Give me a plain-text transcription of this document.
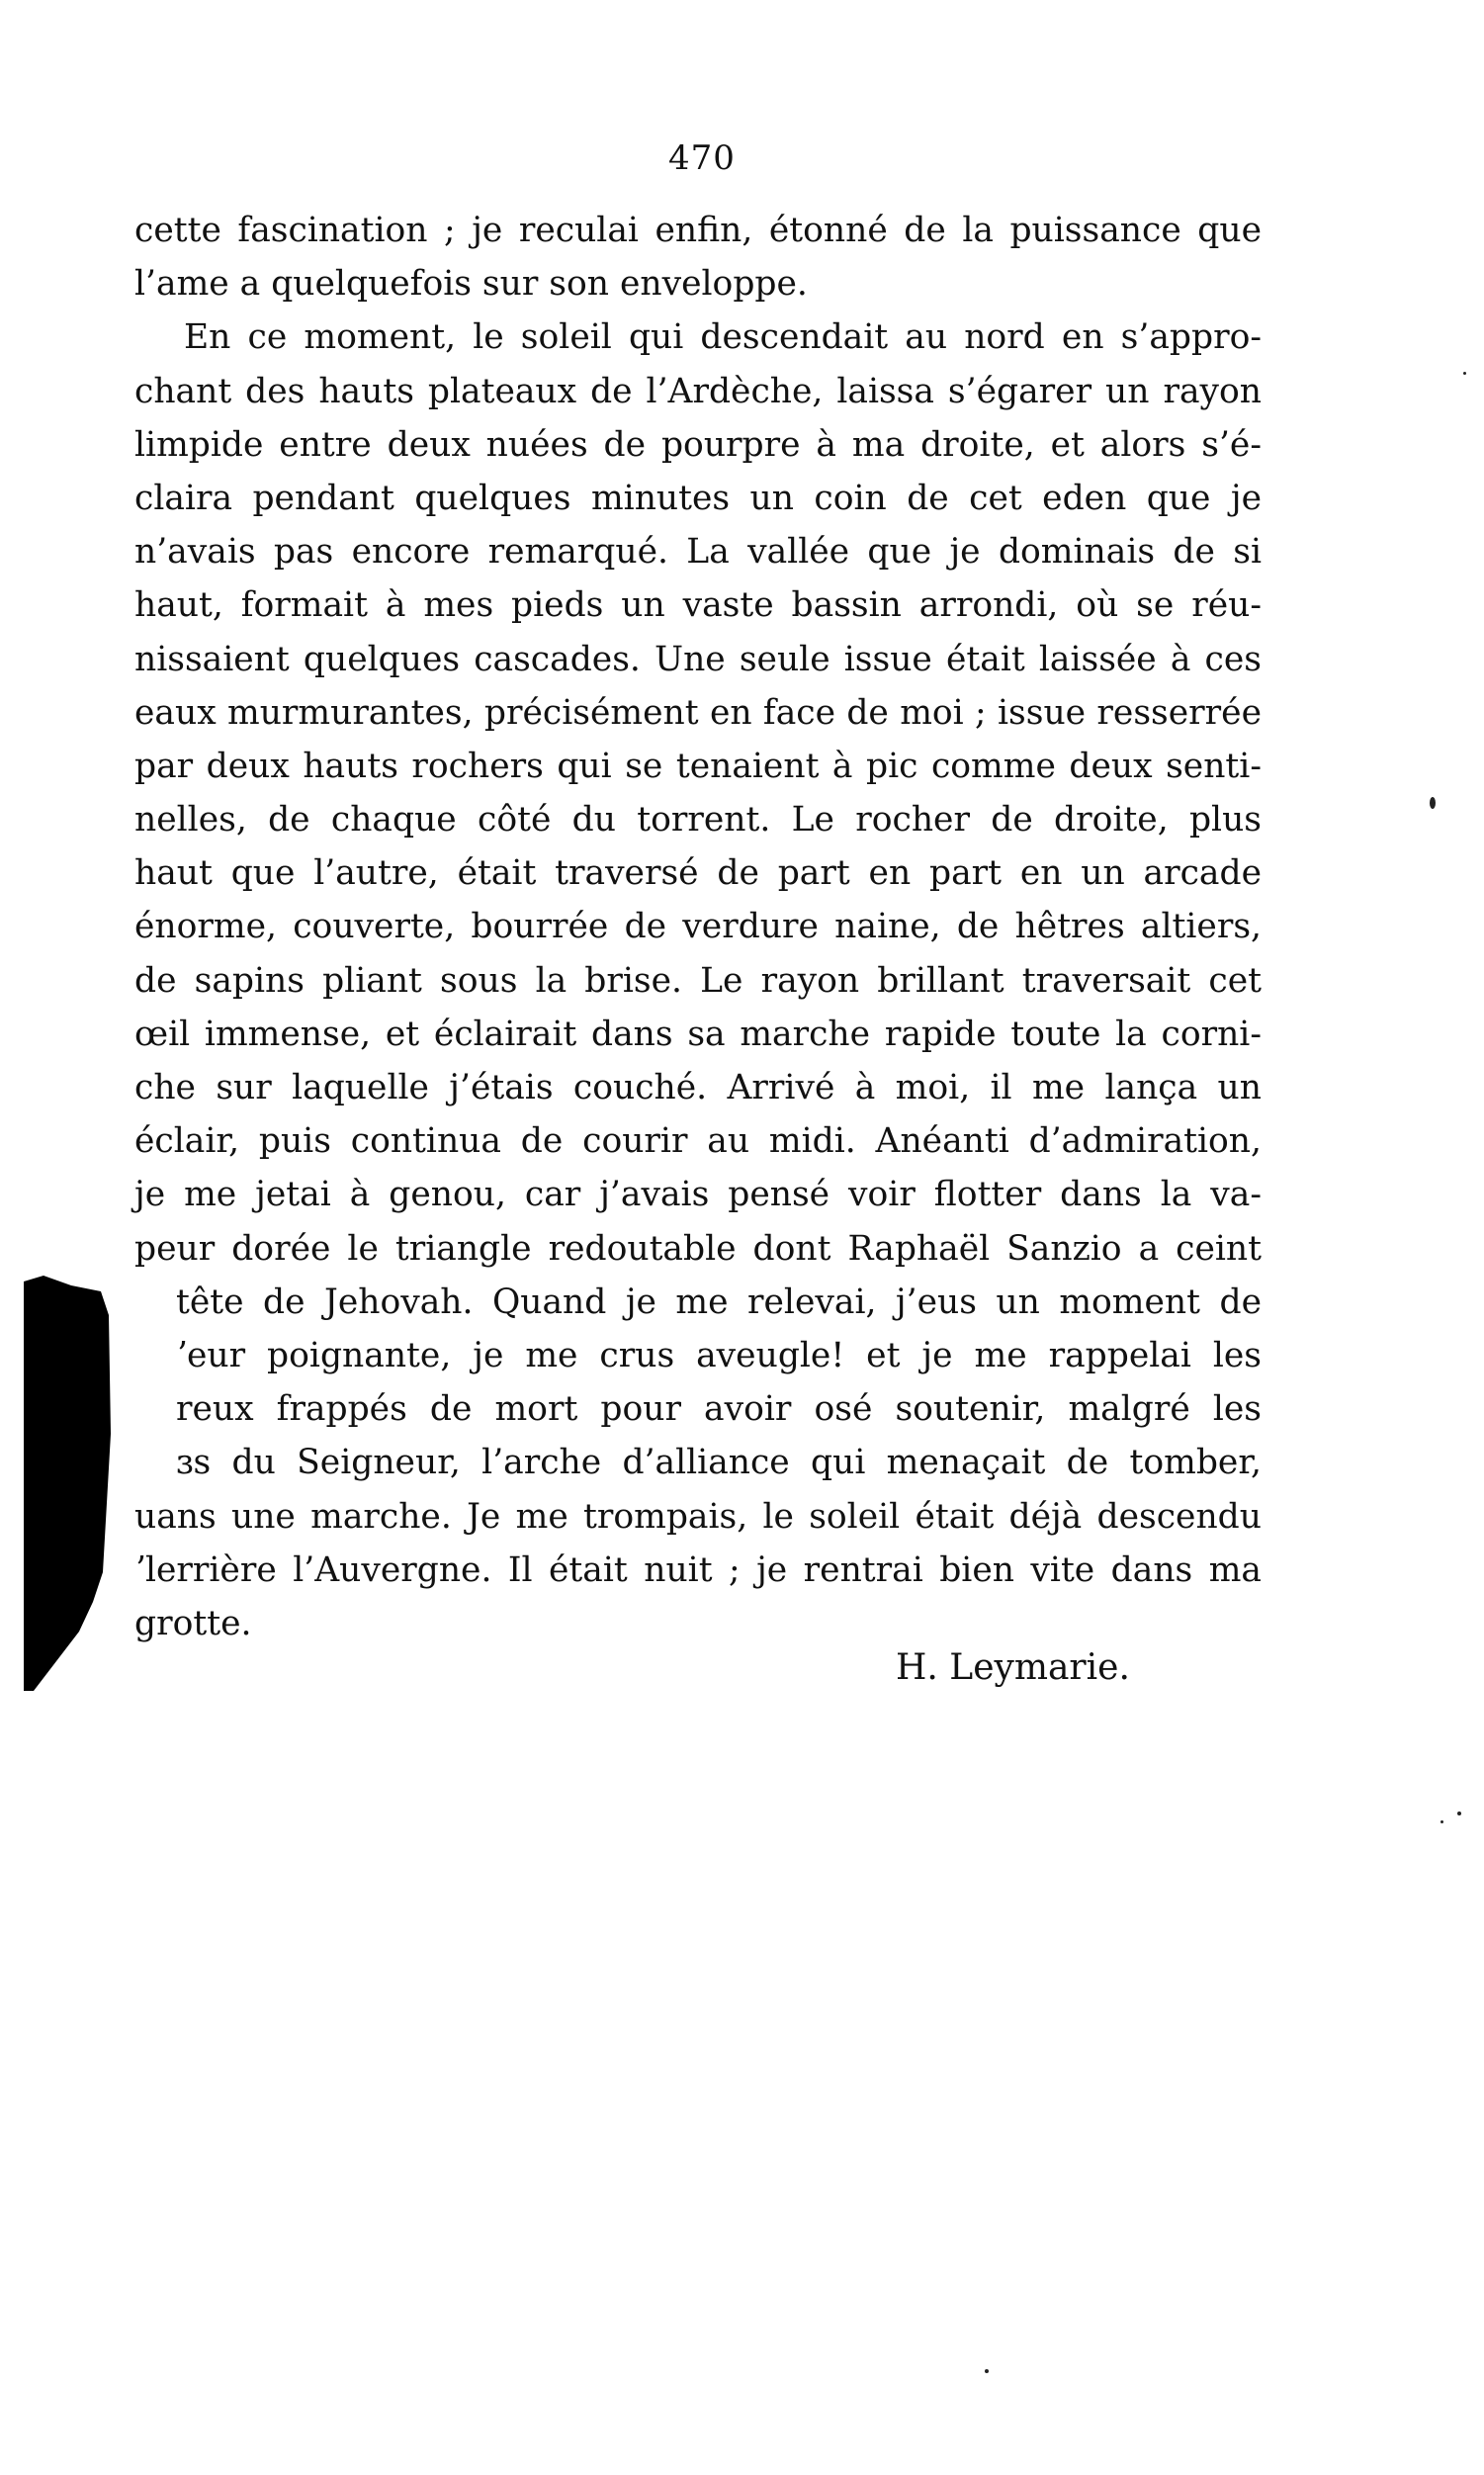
470
cette fascination ; je reculai enfin, étonné de la puissance que
l’ame a quelquefois sur son enveloppe.
En ce moment, le soleil qui descendait au nord en s’appro-
chant des hauts plateaux de l’Ardèche, laissa s’égarer un rayon
limpide entre deux nuées de pourpre à ma droite, et alors s’é-
claira pendant quelques minutes un coin de cet eden que je
n’avais pas encore remarqué. La vallée que je dominais de si
haut, formait à mes pieds un vaste bassin arrondi, où se réu-
nissaient quelques cascades. Une seule issue était laissée à ces
eaux murmurantes, précisément en face de moi ; issue resserrée
par deux hauts rochers qui se tenaient à pic comme deux senti-
nelles, de chaque côté du torrent. Le rocher de droite, plus
haut que l’autre, était traversé de part en part en un arcade
énorme, couverte, bourrée de verdure naine, de hêtres altiers,
de sapins pliant sous la brise. Le rayon brillant traversait cet
œil immense, et éclairait dans sa marche rapide toute la corni-
che sur laquelle j’étais couché. Arrivé à moi, il me lança un
éclair, puis continua de courir au midi. Anéanti d’admiration,
je me jetai à genou, car j’avais pensé voir flotter dans la va-
peur dorée le triangle redoutable dont Raphaël Sanzio a ceint
tête de Jehovah. Quand je me relevai, j’eus un moment de
ʼeur poignante, je me crus aveugle! et je me rappelai les
reux frappés de mort pour avoir osé soutenir, malgré les
ɜs du Seigneur, l’arche d’alliance qui menaçait de tomber,
uans une marche. Je me trompais, le soleil était déjà descendu
ʼlerrière l’Auvergne. Il était nuit ; je rentrai bien vite dans ma
grotte.
H. Leymarie.
